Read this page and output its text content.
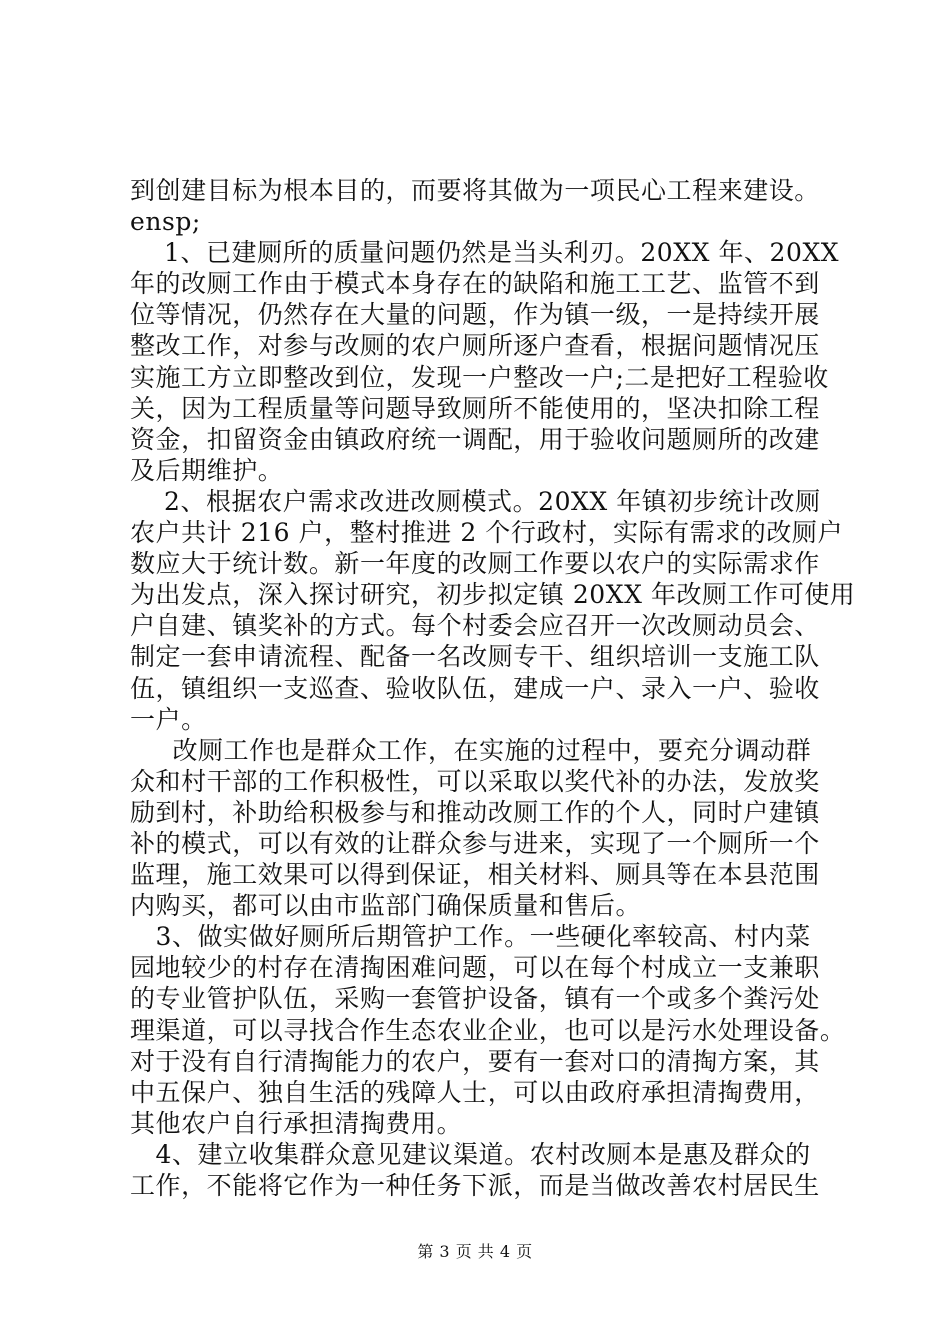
到创建目标为根本目的，而要将其做为一项民心工程来建设。
ensp;
1、已建厕所的质量问题仍然是当头利刃。20XX 年、20XX
年的改厕工作由于模式本身存在的缺陷和施工工艺、监管不到
位等情况，仍然存在大量的问题，作为镇一级，一是持续开展
整改工作，对参与改厕的农户厕所逐户查看，根据问题情况压
实施工方立即整改到位，发现一户整改一户;二是把好工程验收
关，因为工程质量等问题导致厕所不能使用的，坚决扣除工程
资金，扣留资金由镇政府统一调配，用于验收问题厕所的改建
及后期维护。
2、根据农户需求改进改厕模式。20XX 年镇初步统计改厕
农户共计 216 户，整村推进 2 个行政村，实际有需求的改厕户
数应大于统计数。新一年度的改厕工作要以农户的实际需求作
为出发点，深入探讨研究，初步拟定镇 20XX 年改厕工作可使用
户自建、镇奖补的方式。每个村委会应召开一次改厕动员会、
制定一套申请流程、配备一名改厕专干、组织培训一支施工队
伍，镇组织一支巡查、验收队伍，建成一户、录入一户、验收
一户。
改厕工作也是群众工作，在实施的过程中，要充分调动群
众和村干部的工作积极性，可以采取以奖代补的办法，发放奖
励到村，补助给积极参与和推动改厕工作的个人，同时户建镇
补的模式，可以有效的让群众参与进来，实现了一个厕所一个
监理，施工效果可以得到保证，相关材料、厕具等在本县范围
内购买，都可以由市监部门确保质量和售后。
3、做实做好厕所后期管护工作。一些硬化率较高、村内菜
园地较少的村存在清掏困难问题，可以在每个村成立一支兼职
的专业管护队伍，采购一套管护设备，镇有一个或多个粪污处
理渠道，可以寻找合作生态农业企业，也可以是污水处理设备。
对于没有自行清掏能力的农户，要有一套对口的清掏方案，其
中五保户、独自生活的残障人士，可以由政府承担清掏费用，
其他农户自行承担清掏费用。
4、建立收集群众意见建议渠道。农村改厕本是惠及群众的
工作，不能将它作为一种任务下派，而是当做改善农村居民生
第 3 页 共 4 页
